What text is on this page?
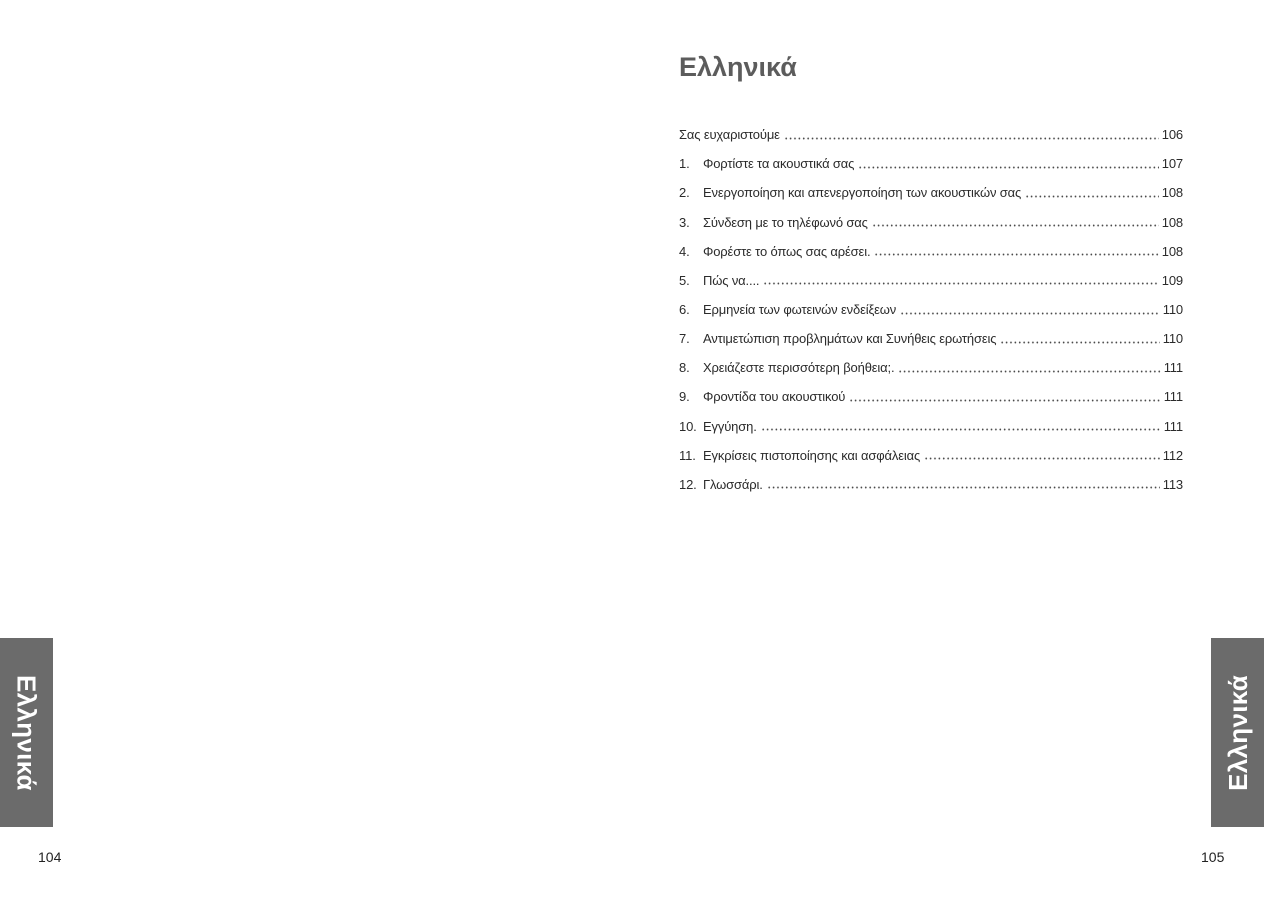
Ελληνικά
104
Ελληνικά
Σας ευχαριστούμε	106
1.	Φορτίστε τα ακουστικά σας	107
2.	Ενεργοποίηση και απενεργοποίηση των ακουστικών σας	108
3.	Σύνδεση με το τηλέφωνό σας	108
4.	Φορέστε το όπως σας αρέσει.	108
5.	Πώς να....	109
6.	Ερμηνεία των φωτεινών ενδείξεων	110
7.	Αντιμετώπιση προβλημάτων και Συνήθεις ερωτήσεις	110
8.	Χρειάζεστε περισσότερη βοήθεια;.	111
9.	Φροντίδα του ακουστικού	111
10. Εγγύηση.	111
11. Εγκρίσεις πιστοποίησης και ασφάλειας	112
12. Γλωσσάρι.	113
Ελληνικά
105
